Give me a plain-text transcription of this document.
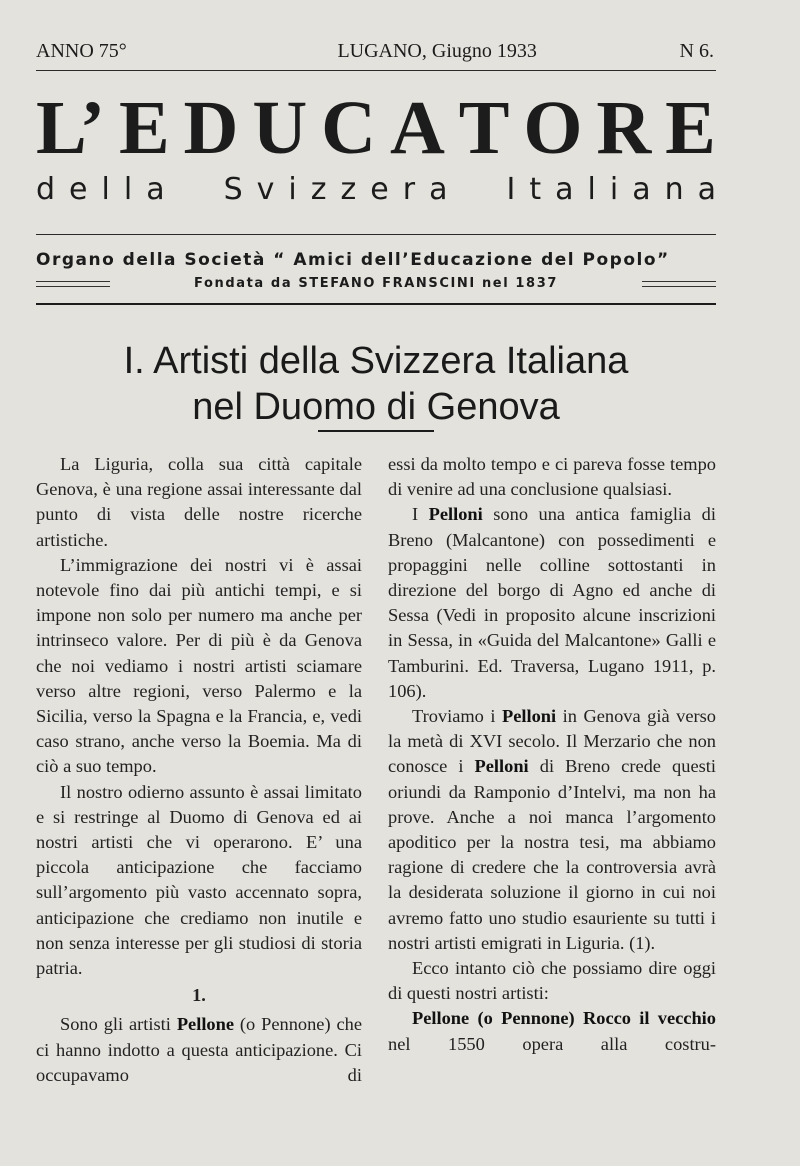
ANNO 75°	LUGANO, Giugno 1933	N 6.
L’ E D U C A T O R E
d e l l a S v i z z e r a I t a l i a n a
Organo della Società “ Amici dell’Educazione del Popolo”
Fondata da STEFANO FRANSCINI nel 1837
I. Artisti della Svizzera Italiana
nel Duomo di Genova

La Liguria, colla sua città capitale Genova, è una regione assai interessante dal punto di vista delle nostre ricerche artistiche.

L’immigrazione dei nostri vi è assai notevole fino dai più antichi tempi, e si impone non solo per numero ma anche per intrinseco valore. Per di più è da Genova che noi vediamo i nostri artisti sciamare verso altre regioni, verso Palermo e la Sicilia, verso la Spagna e la Francia, e, vedi caso strano, anche verso la Boemia. Ma di ciò a suo tempo.

Il nostro odierno assunto è assai limitato e si restringe al Duomo di Genova ed ai nostri artisti che vi operarono. E’ una piccola anticipazione che facciamo sull’argomento più vasto accennato sopra, anticipazione che crediamo non inutile e non senza interesse per gli studiosi di storia patria.

1.

Sono gli artisti Pellone (o Pennone) che ci hanno indotto a questa anticipazione. Ci occupavamo di

essi da molto tempo e ci pareva fosse tempo di venire ad una conclusione qualsiasi.

I Pelloni sono una antica famiglia di Breno (Malcantone) con possedimenti e propaggini nelle colline sottostanti in direzione del borgo di Agno ed anche di Sessa (Vedi in proposito alcune inscrizioni in Sessa, in «Guida del Malcantone» Galli e Tamburini. Ed. Traversa, Lugano 1911, p. 106).

Troviamo i Pelloni in Genova già verso la metà di XVI secolo. Il Merzario che non conosce i Pelloni di Breno crede questi oriundi da Ramponio d’Intelvi, ma non ha prove. Anche a noi manca l’argomento apoditico per la nostra tesi, ma abbiamo ragione di credere che la controversia avrà la desiderata soluzione il giorno in cui noi avremo fatto uno studio esauriente su tutti i nostri artisti emigrati in Liguria. (1).

Ecco intanto ciò che possiamo dire oggi di questi nostri artisti:

Pellone (o Pennone) Rocco il vecchio nel 1550 opera alla costru-
